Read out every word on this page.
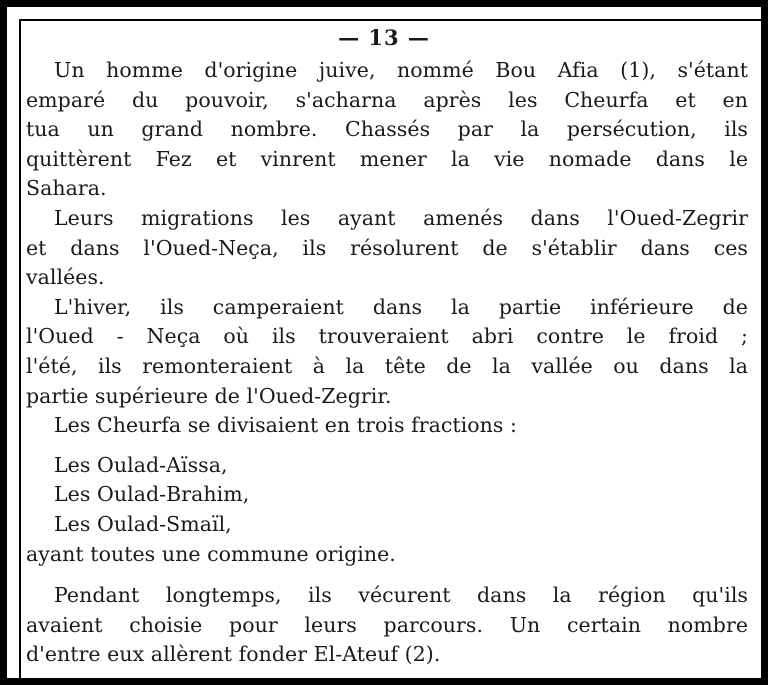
— 13 —

Un homme d'origine juive, nommé Bou Afia (1), s'étant
emparé du pouvoir, s'acharna après les Cheurfa et en
tua un grand nombre. Chassés par la persécution, ils
quittèrent Fez et vinrent mener la vie nomade dans le
Sahara.

Leurs migrations les ayant amenés dans l'Oued-Zegrir
et dans l'Oued-Neça, ils résolurent de s'établir dans ces
vallées.

L'hiver, ils camperaient dans la partie inférieure de
l'Oued - Neça où ils trouveraient abri contre le froid ;
l'été, ils remonteraient à la tête de la vallée ou dans la
partie supérieure de l'Oued-Zegrir.

Les Cheurfa se divisaient en trois fractions :

Les Oulad-Aïssa,
Les Oulad-Brahim,
Les Oulad-Smaïl,
ayant toutes une commune origine.

Pendant longtemps, ils vécurent dans la région qu'ils
avaient choisie pour leurs parcours. Un certain nombre
d'entre eux allèrent fonder El-Ateuf (2).
